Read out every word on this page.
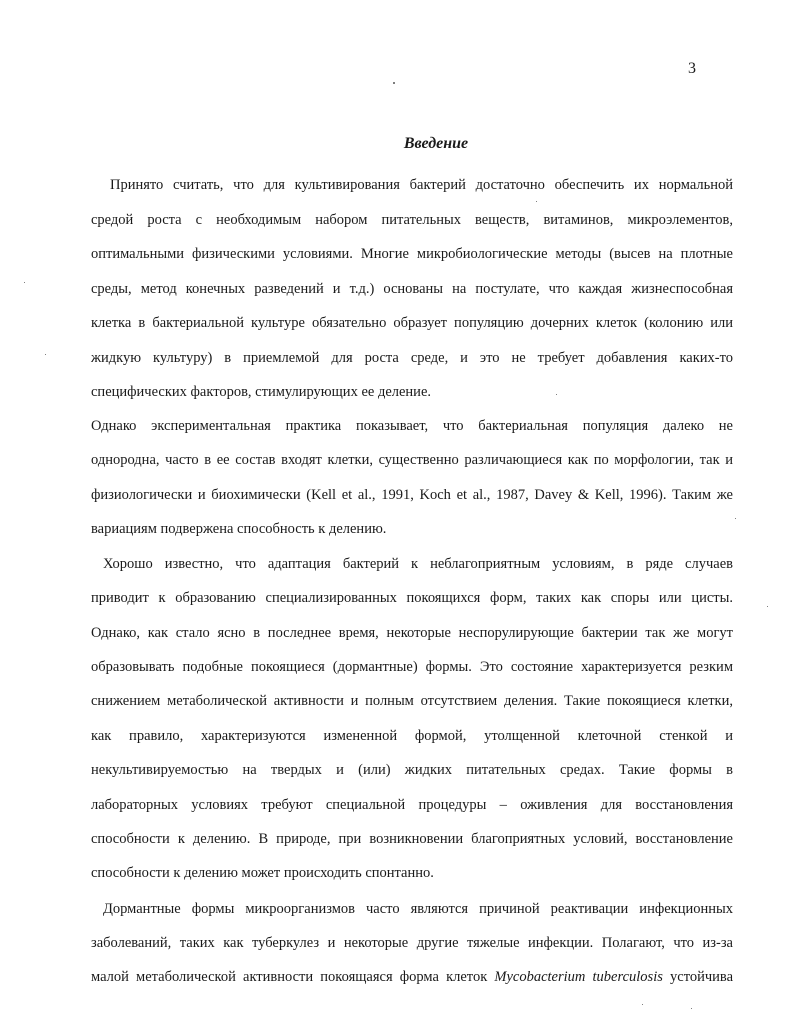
3
Введение
Принято считать, что для культивирования бактерий достаточно обеспечить их нормальной
средой роста с необходимым набором питательных веществ, витаминов, микроэлементов,
оптимальными физическими условиями. Многие микробиологические методы (высев на плотные
среды, метод конечных разведений и т.д.) основаны на постулате, что каждая жизнеспособная
клетка в бактериальной культуре обязательно образует популяцию дочерних клеток (колонию или
жидкую культуру) в приемлемой для роста среде, и это не требует добавления каких-то
специфических факторов, стимулирующих ее деление.
Однако экспериментальная практика показывает, что бактериальная популяция далеко не
однородна, часто в ее состав входят клетки, существенно различающиеся как по морфологии, так и
физиологически и биохимически (Kell et al., 1991, Koch et al., 1987, Davey & Kell, 1996). Таким же
вариациям подвержена способность к делению.
Хорошо известно, что адаптация бактерий к неблагоприятным условиям, в ряде случаев
приводит к образованию специализированных покоящихся форм, таких как споры или цисты.
Однако, как стало ясно в последнее время, некоторые неспорулирующие бактерии так же могут
образовывать подобные покоящиеся (дормантные) формы. Это состояние характеризуется резким
снижением метаболической активности и полным отсутствием деления. Такие покоящиеся клетки,
как правило, характеризуются измененной формой, утолщенной клеточной стенкой и
некультивируемостью на твердых и (или) жидких питательных средах. Такие формы в
лабораторных условиях требуют специальной процедуры – оживления для восстановления
способности к делению. В природе, при возникновении благоприятных условий, восстановление
способности к делению может происходить спонтанно.
Дормантные формы микроорганизмов часто являются причиной реактивации инфекционных
заболеваний, таких как туберкулез и некоторые другие тяжелые инфекции. Полагают, что из-за
малой метаболической активности покоящаяся форма клеток Mycobacterium tuberculosis устойчива
